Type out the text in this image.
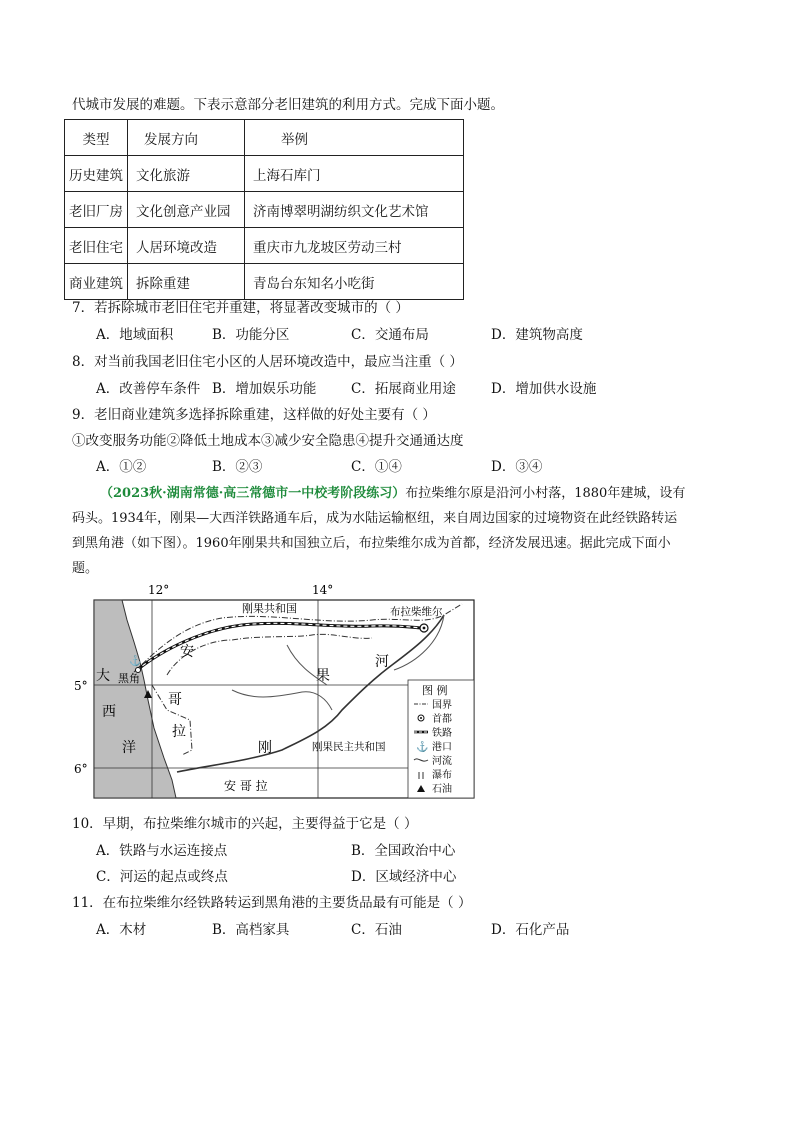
代城市发展的难题。下表示意部分老旧建筑的利用方式。完成下面小题。
类型	发展方向	举例
历史建筑	文化旅游	上海石库门
老旧厂房	文化创意产业园	济南博翠明湖纺织文化艺术馆
老旧住宅	人居环境改造	重庆市九龙坡区劳动三村
商业建筑	拆除重建	青岛台东知名小吃街
7．若拆除城市老旧住宅并重建，将显著改变城市的（ ）
A．地域面积	B．功能分区	C．交通布局	D．建筑物高度
8．对当前我国老旧住宅小区的人居环境改造中，最应当注重（ ）
A．改善停车条件 B．增加娱乐功能	C．拓展商业用途	D．增加供水设施
9．老旧商业建筑多选择拆除重建，这样做的好处主要有（ ）
①改变服务功能②降低土地成本③减少安全隐患④提升交通通达度
A．①②	B．②③	C．①④	D．③④
（2023秋·湖南常德·高三常德市一中校考阶段练习）布拉柴维尔原是沿河小村落，1880年建城，设有
码头。1934年，刚果—大西洋铁路通车后，成为水陆运输枢纽，来自周边国家的过境物资在此经铁路转运
到黑角港（如下图）。1960年刚果共和国独立后，布拉柴维尔成为首都，经济发展迅速。据此完成下面小
题。
12°	14°
5°
6°
⚓
刚果共和国	布拉柴维尔
黑角
刚果民主共和国
安 哥 拉
大
西
洋
安
哥
拉
刚
果
河
图 例
国界
首都
铁路
⚓ 港口
河流
瀑布
石油
10．早期，布拉柴维尔城市的兴起，主要得益于它是（ ）
A．铁路与水运连接点	B．全国政治中心
C．河运的起点或终点	D．区域经济中心
11．在布拉柴维尔经铁路转运到黑角港的主要货品最有可能是（ ）
A．木材	B．高档家具	C．石油	D．石化产品
